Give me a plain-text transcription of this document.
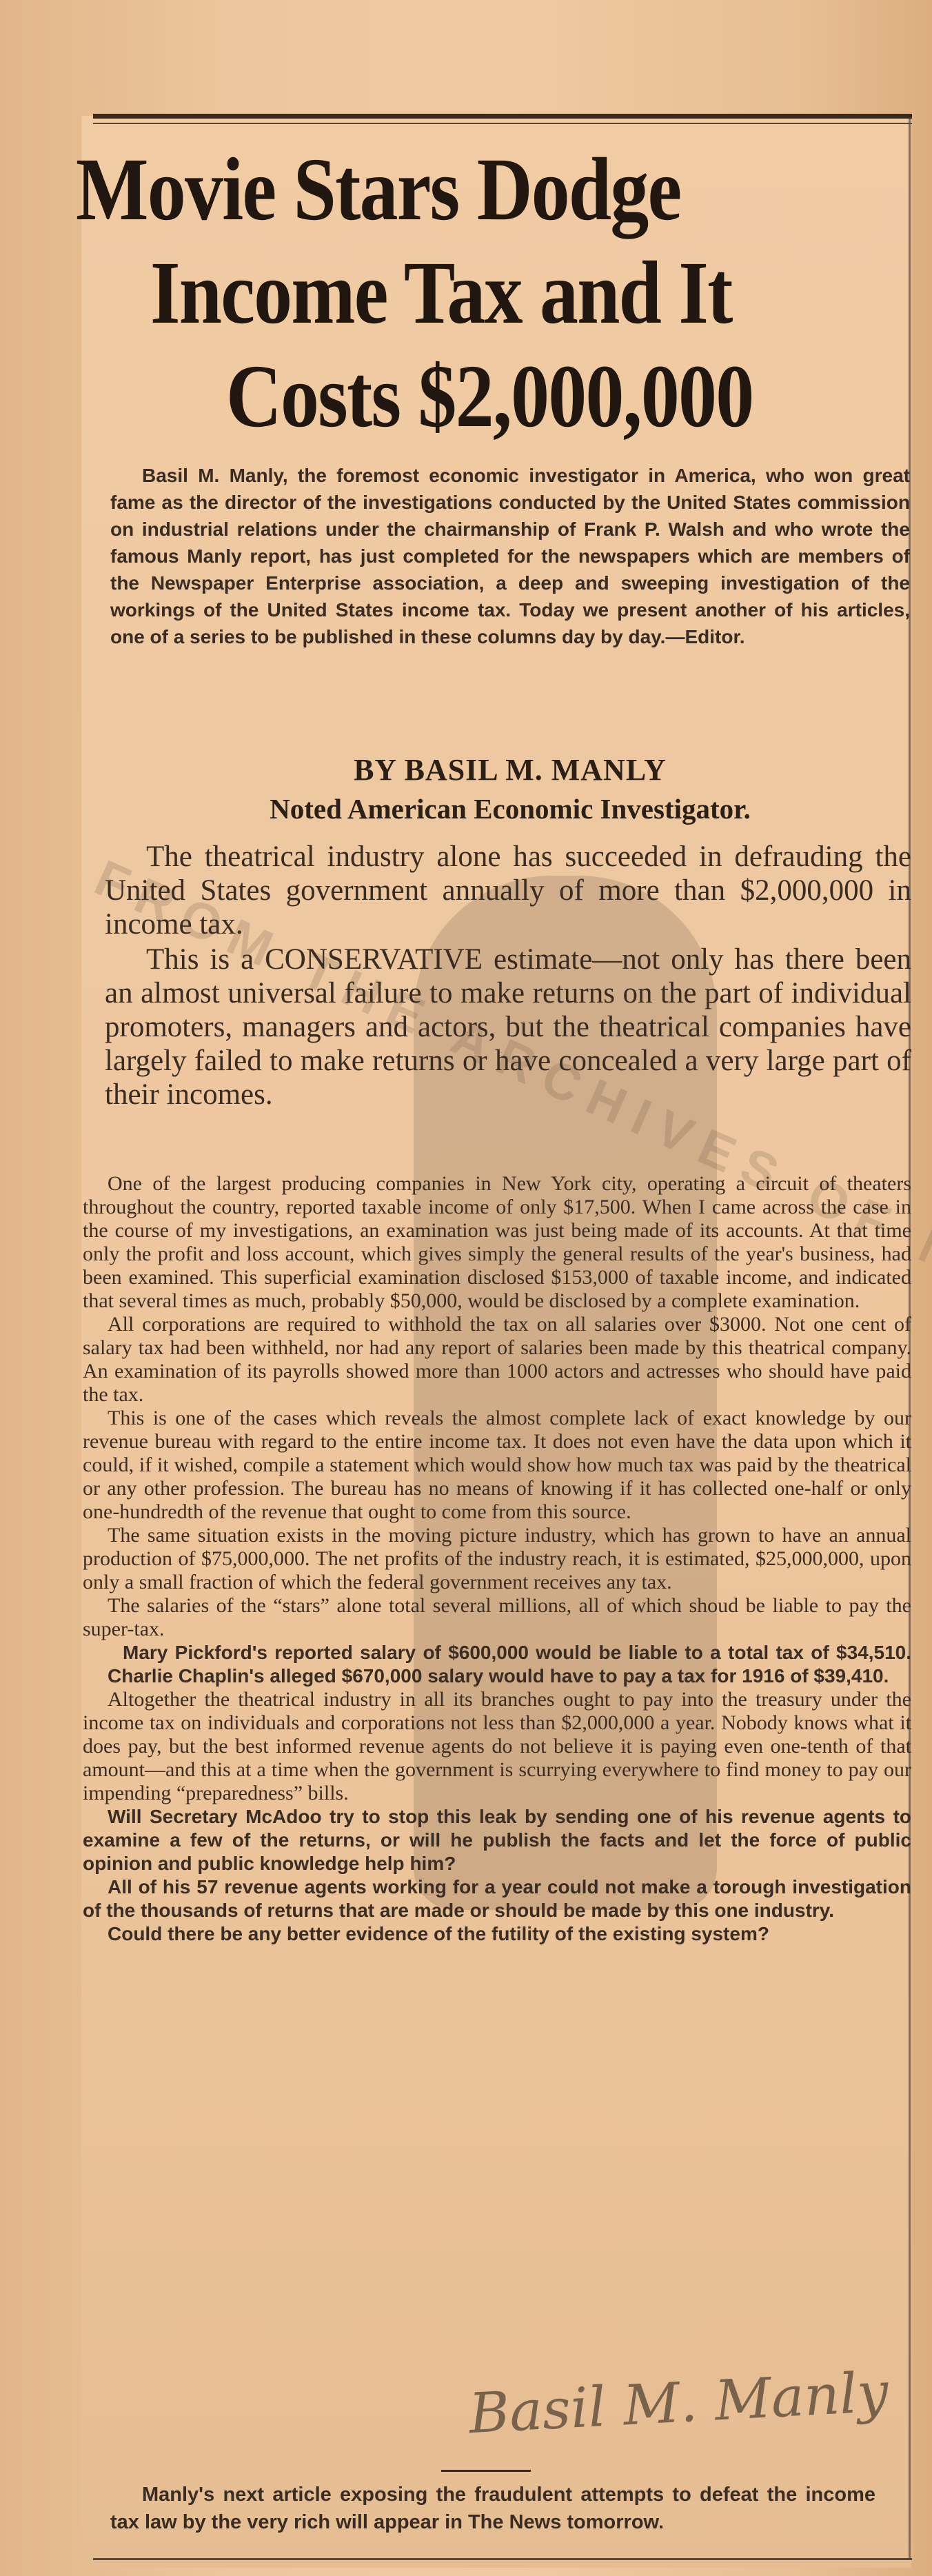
FROM THE ARCHIVES
Movie Stars Dodge
Income Tax and It
Costs $2,000,000
Basil M. Manly, the foremost economic investigator in America, who won great fame as the director of the investigations conducted by the United States commission on industrial relations under the chairmanship of Frank P. Walsh and who wrote the famous Manly report, has just completed for the newspapers which are members of the Newspaper Enterprise association, a deep and sweeping investigation of the workings of the United States income tax. Today we present another of his articles, one of a series to be published in these columns day by day.—Editor.
BY BASIL M. MANLY
Noted American Economic Investigator.

The theatrical industry alone has succeeded in defrauding the United States government annually of more than $2,000,000 in income tax.

This is a CONSERVATIVE estimate—not only has there been an almost universal failure to make returns on the part of individual promoters, managers and actors, but the theatrical companies have largely failed to make returns or have concealed a very large part of their incomes.

One of the largest producing companies in New York city, operating a circuit of theaters throughout the country, reported taxable income of only $17,500. When I came across the case in the course of my investigations, an examination was just being made of its accounts. At that time only the profit and loss account, which gives simply the general results of the year's business, had been examined. This superficial examination disclosed $153,000 of taxable income, and indicated that several times as much, probably $50,000, would be disclosed by a complete examination.

All corporations are required to withhold the tax on all salaries over $3000. Not one cent of salary tax had been withheld, nor had any report of salaries been made by this theatrical company. An examination of its payrolls showed more than 1000 actors and actresses who should have paid the tax.

This is one of the cases which reveals the almost complete lack of exact knowledge by our revenue bureau with regard to the entire income tax. It does not even have the data upon which it could, if it wished, compile a statement which would show how much tax was paid by the theatrical or any other profession. The bureau has no means of knowing if it has collected one-half or only one-hundredth of the revenue that ought to come from this source.

The same situation exists in the moving picture industry, which has grown to have an annual production of $75,000,000. The net profits of the industry reach, it is estimated, $25,000,000, upon only a small fraction of which the federal government receives any tax.

The salaries of the “stars” alone total several millions, all of which shoud be liable to pay the super-tax.

Mary Pickford's reported salary of $600,000 would be liable to a total tax of $34,510. Charlie Chaplin's alleged $670,000 salary would have to pay a tax for 1916 of $39,410.

Altogether the theatrical industry in all its branches ought to pay into the treasury under the income tax on individuals and corporations not less than $2,000,000 a year. Nobody knows what it does pay, but the best informed revenue agents do not believe it is paying even one-tenth of that amount—and this at a time when the government is scurrying everywhere to find money to pay our impending “preparedness” bills.

Will Secretary McAdoo try to stop this leak by sending one of his revenue agents to examine a few of the returns, or will he publish the facts and let the force of public opinion and public knowledge help him?

All of his 57 revenue agents working for a year could not make a torough investigation of the thousands of returns that are made or should be made by this one industry.

Could there be any better evidence of the futility of the existing system?

Basil M. Manly
Manly's next article exposing the fraudulent attempts to defeat the income tax law by the very rich will appear in The News tomorrow.
